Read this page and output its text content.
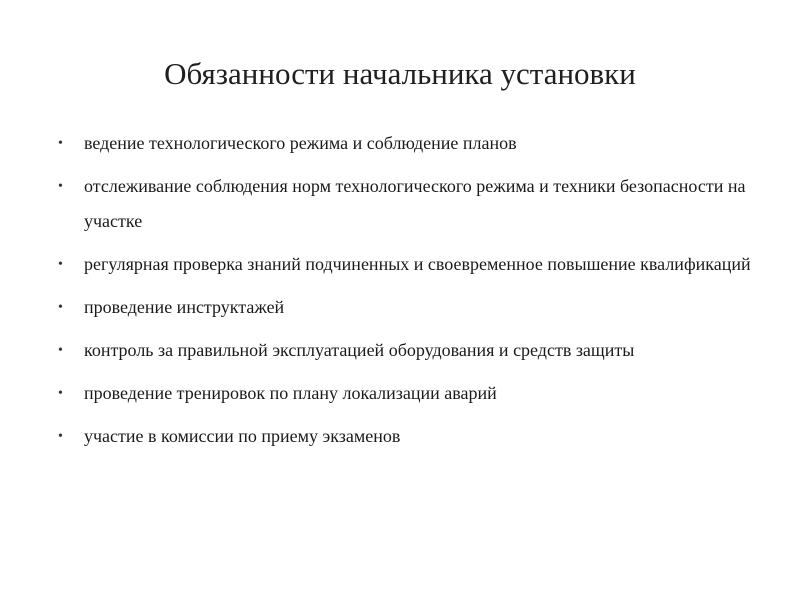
Обязанности начальника установки
• ведение технологического режима и соблюдение планов
• отслеживание соблюдения норм технологического режима и техники безопасности на участке
• регулярная проверка знаний подчиненных и своевременное повышение квалификаций
• проведение инструктажей
• контроль за правильной эксплуатацией оборудования и средств защиты
• проведение тренировок по плану локализации аварий
• участие в комиссии по приему экзаменов
